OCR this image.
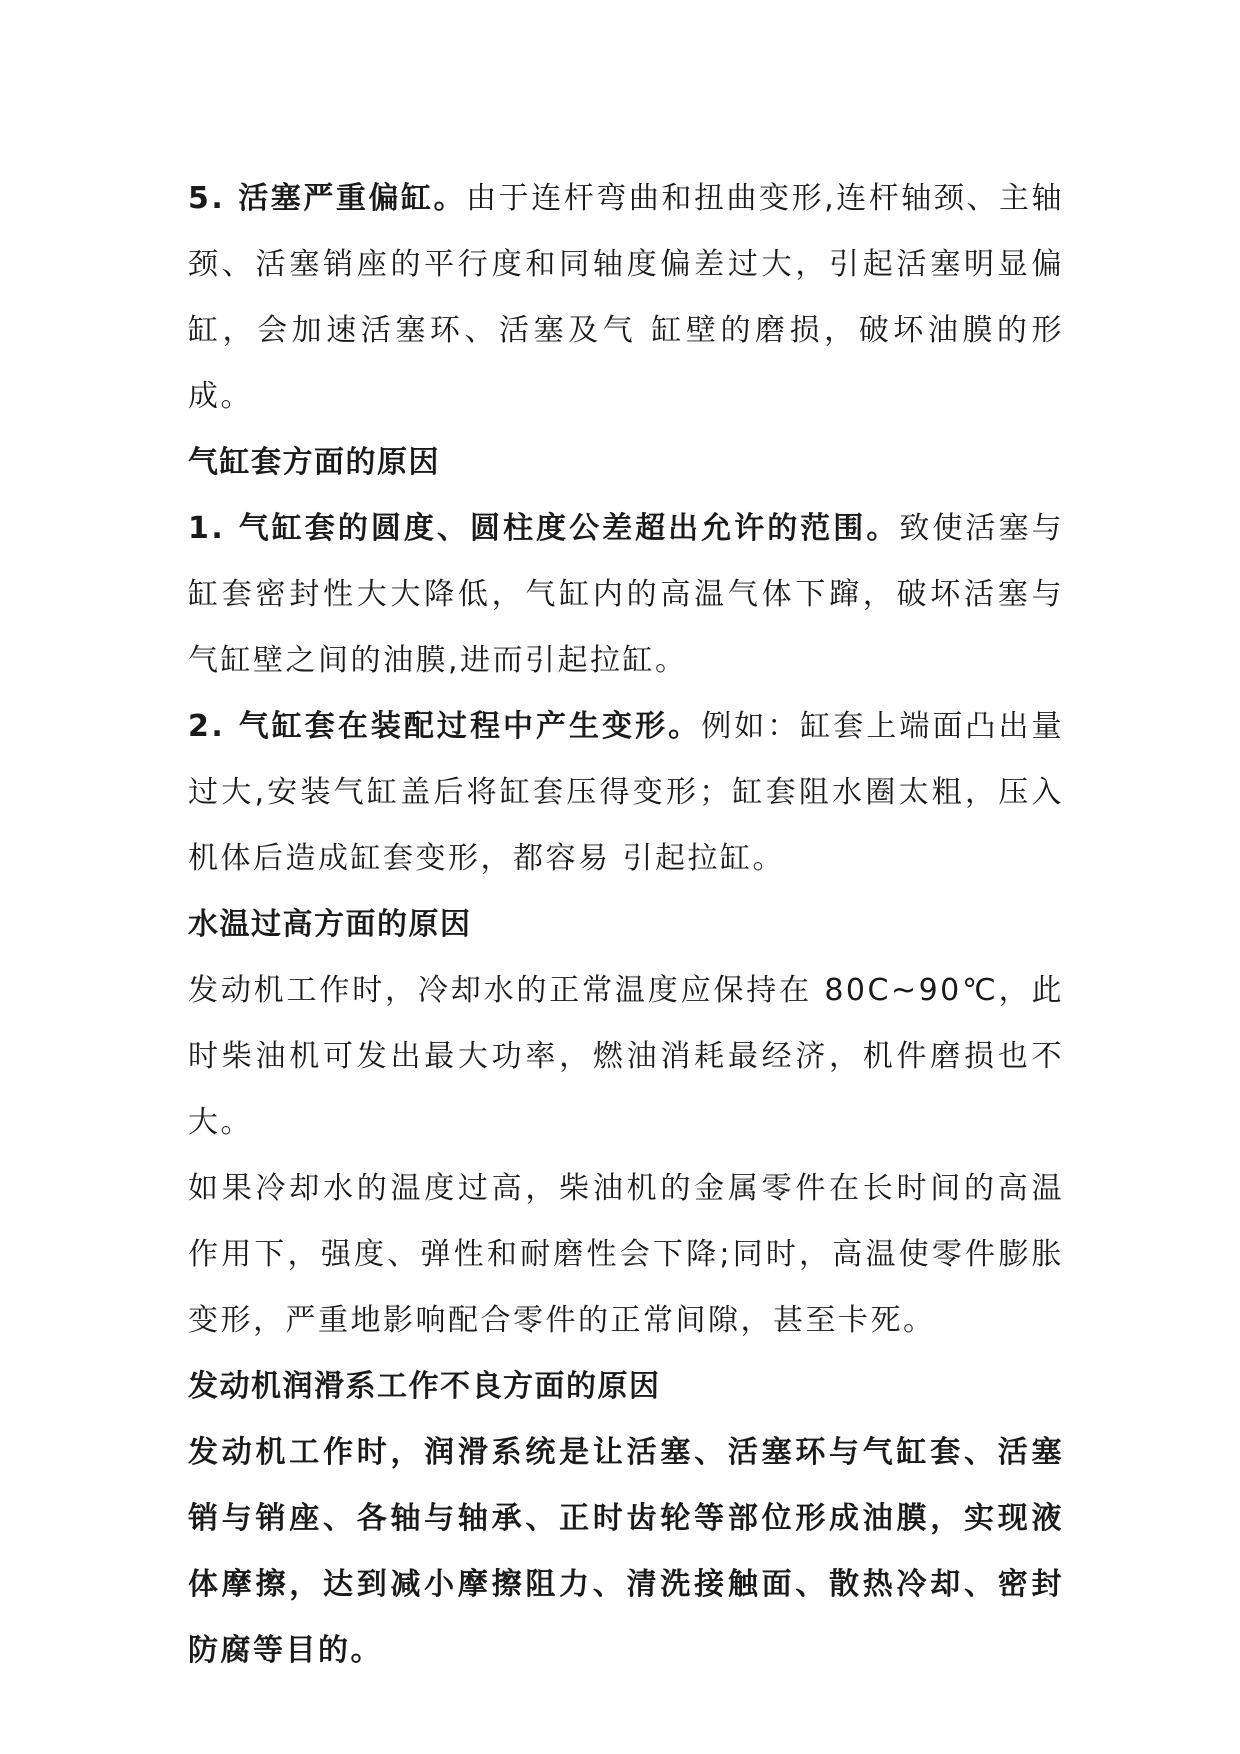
5. 活塞严重偏缸。由于连杆弯曲和扭曲变形,连杆轴颈、主轴颈、活塞销座的平行度和同轴度偏差过大，引起活塞明显偏缸，会加速活塞环、活塞及气 缸壁的磨损，破坏油膜的形成。

气缸套方面的原因

1. 气缸套的圆度、圆柱度公差超出允许的范围。致使活塞与缸套密封性大大降低，气缸内的高温气体下蹿，破坏活塞与气缸壁之间的油膜,进而引起拉缸。

2. 气缸套在装配过程中产生变形。例如：缸套上端面凸出量过大,安装气缸盖后将缸套压得变形；缸套阻水圈太粗，压入机体后造成缸套变形，都容易 引起拉缸。

水温过高方面的原因

发动机工作时，冷却水的正常温度应保持在 80C~90℃，此时柴油机可发出最大功率，燃油消耗最经济，机件磨损也不大。

如果冷却水的温度过高，柴油机的金属零件在长时间的高温作用下，强度、弹性和耐磨性会下降;同时，高温使零件膨胀变形，严重地影响配合零件的正常间隙，甚至卡死。

发动机润滑系工作不良方面的原因

发动机工作时，润滑系统是让活塞、活塞环与气缸套、活塞销与销座、各轴与轴承、正时齿轮等部位形成油膜，实现液体摩擦，达到减小摩擦阻力、清洗接触面、散热冷却、密封防腐等目的。
